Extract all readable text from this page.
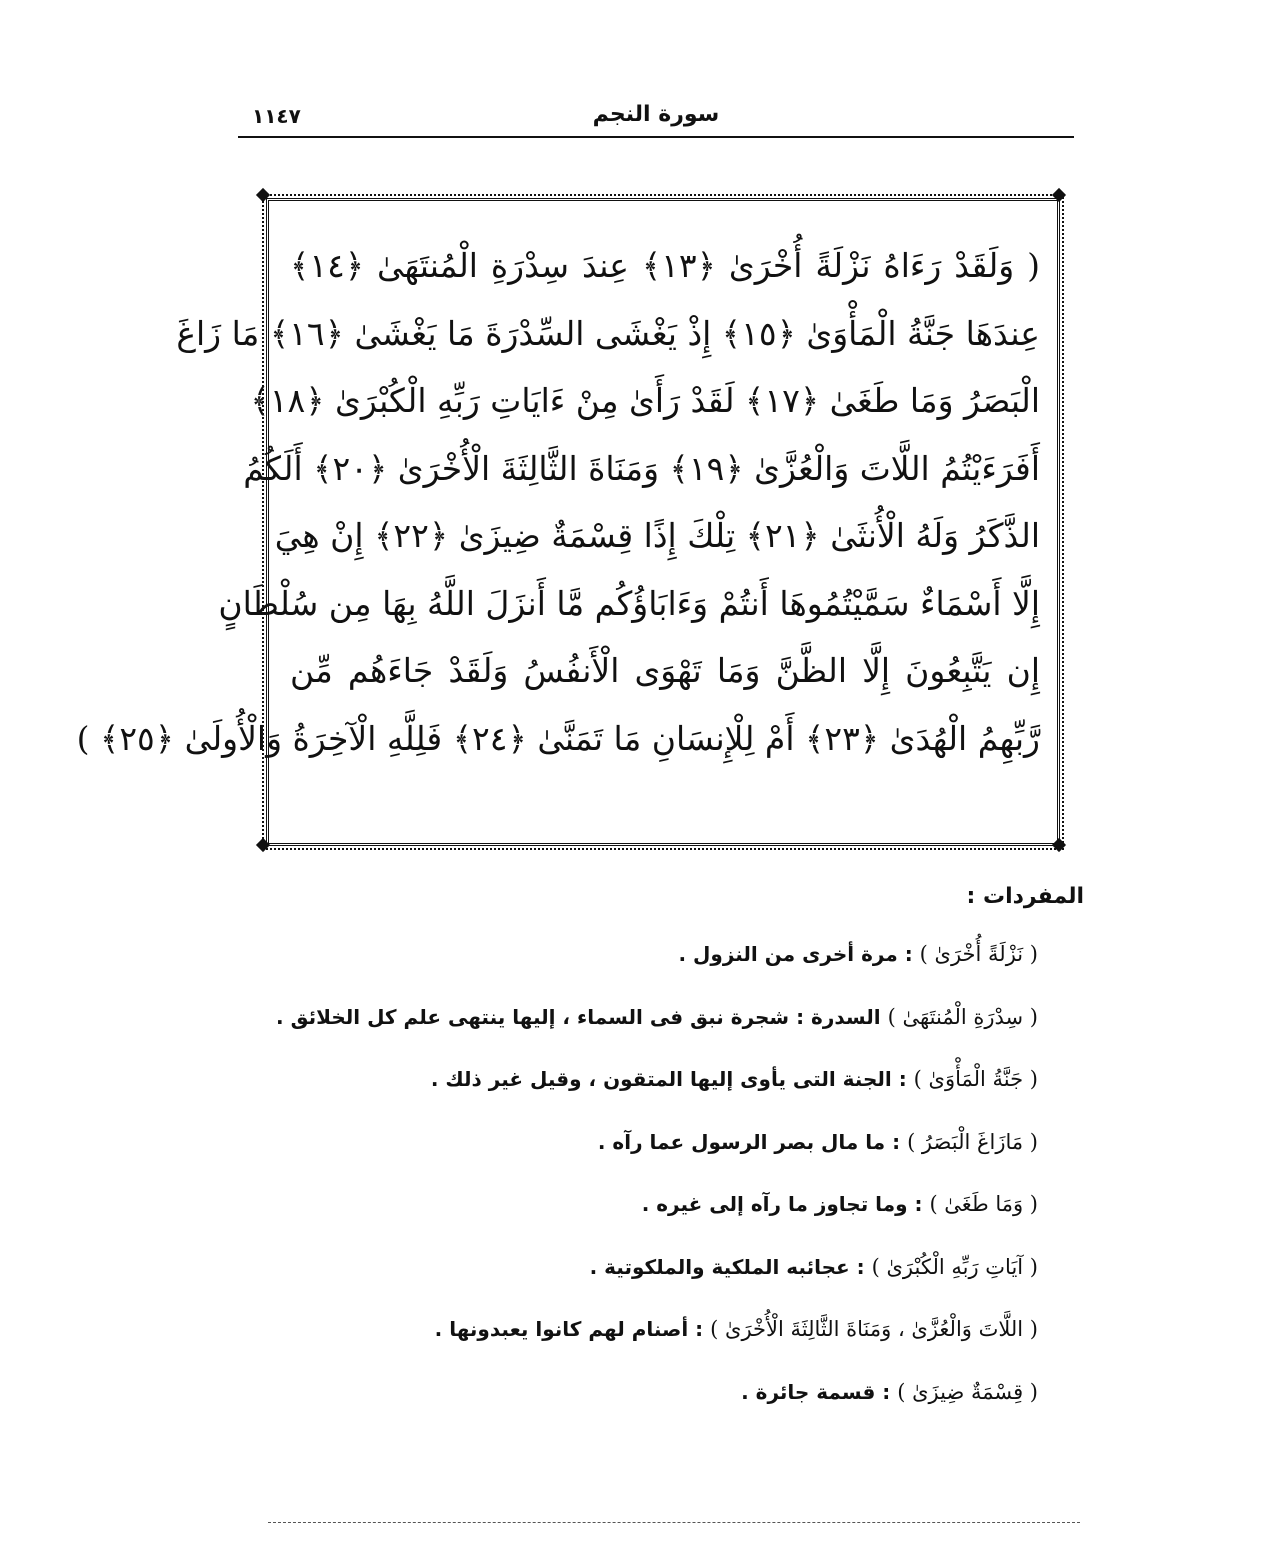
سورة النجم
١١٤٧
( وَلَقَدْ رَءَاهُ نَزْلَةً أُخْرَىٰ ﴿١٣﴾ عِندَ سِدْرَةِ الْمُنتَهَىٰ ﴿١٤﴾
عِندَهَا جَنَّةُ الْمَأْوَىٰ ﴿١٥﴾ إِذْ يَغْشَى السِّدْرَةَ مَا يَغْشَىٰ ﴿١٦﴾ مَا زَاغَ
الْبَصَرُ وَمَا طَغَىٰ ﴿١٧﴾ لَقَدْ رَأَىٰ مِنْ ءَايَاتِ رَبِّهِ الْكُبْرَىٰ ﴿١٨﴾
أَفَرَءَيْتُمُ اللَّاتَ وَالْعُزَّىٰ ﴿١٩﴾ وَمَنَاةَ الثَّالِثَةَ الْأُخْرَىٰ ﴿٢٠﴾ أَلَكُمُ
الذَّكَرُ وَلَهُ الْأُنثَىٰ ﴿٢١﴾ تِلْكَ إِذًا قِسْمَةٌ ضِيزَىٰ ﴿٢٢﴾ إِنْ هِيَ
إِلَّا أَسْمَاءٌ سَمَّيْتُمُوهَا أَنتُمْ وَءَابَاؤُكُم مَّا أَنزَلَ اللَّهُ بِهَا مِن سُلْطَانٍ
إِن يَتَّبِعُونَ إِلَّا الظَّنَّ وَمَا تَهْوَى الْأَنفُسُ وَلَقَدْ جَاءَهُم مِّن
رَّبِّهِمُ الْهُدَىٰ ﴿٢٣﴾ أَمْ لِلْإِنسَانِ مَا تَمَنَّىٰ ﴿٢٤﴾ فَلِلَّهِ الْآخِرَةُ وَالْأُولَىٰ ﴿٢٥﴾ )
المفردات :
( نَزْلَةً أُخْرَىٰ ) : مرة أخرى من النزول .
( سِدْرَةِ الْمُنتَهَىٰ ) السدرة : شجرة نبق فى السماء ، إليها ينتهى علم كل الخلائق .
( جَنَّةُ الْمَأْوَىٰ ) : الجنة التى يأوى إليها المتقون ، وقيل غير ذلك .
( مَازَاغَ الْبَصَرُ ) : ما مال بصر الرسول عما رآه .
( وَمَا طَغَىٰ ) : وما تجاوز ما رآه إلى غيره .
( آيَاتِ رَبِّهِ الْكُبْرَىٰ ) : عجائبه الملكية والملكوتية .
( اللَّاتَ وَالْعُزَّىٰ ، وَمَنَاةَ الثَّالِثَةَ الْأُخْرَىٰ ) : أصنام لهم كانوا يعبدونها .
( قِسْمَةٌ ضِيزَىٰ ) : قسمة جائرة .
